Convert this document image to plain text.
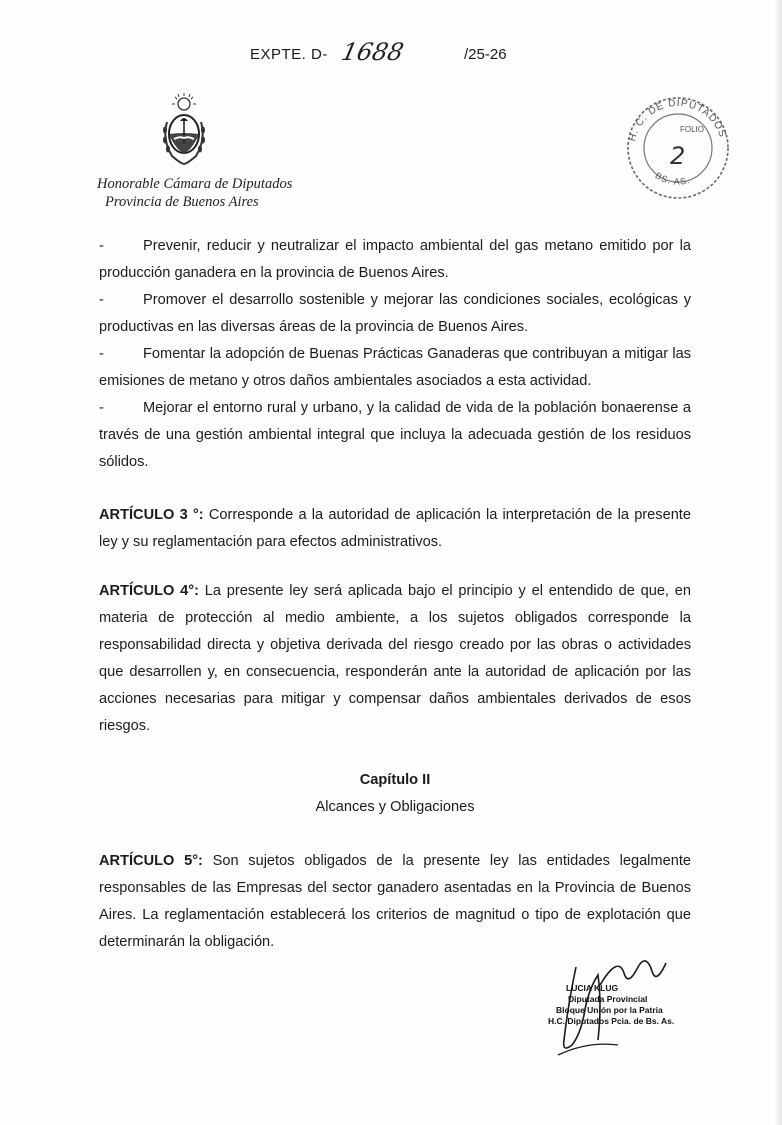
EXPTE. D- 1688	/25-26
Honorable Cámara de Diputados
Provincia de Buenos Aires
H. C. DE DIPUTADOS
BS. AS.
FOLIO
2

-	Prevenir, reducir y neutralizar el impacto ambiental del gas metano emitido por la producción ganadera en la provincia de Buenos Aires.

-	Promover el desarrollo sostenible y mejorar las condiciones sociales, ecológicas y productivas en las diversas áreas de la provincia de Buenos Aires.

-	Fomentar la adopción de Buenas Prácticas Ganaderas que contribuyan a mitigar las emisiones de metano y otros daños ambientales asociados a esta actividad.

-	Mejorar el entorno rural y urbano, y la calidad de vida de la población bonaerense a través de una gestión ambiental integral que incluya la adecuada gestión de los residuos sólidos.

ARTÍCULO 3 °: Corresponde a la autoridad de aplicación la interpretación de la presente ley y su reglamentación para efectos administrativos.

ARTÍCULO 4°: La presente ley será aplicada bajo el principio y el entendido de que, en materia de protección al medio ambiente, a los sujetos obligados corresponde la responsabilidad directa y objetiva derivada del riesgo creado por las obras o actividades que desarrollen y, en consecuencia, responderán ante la autoridad de aplicación por las acciones necesarias para mitigar y compensar daños ambientales derivados de esos riesgos.

Capítulo II
Alcances y Obligaciones

ARTÍCULO 5°: Son sujetos obligados de la presente ley las entidades legalmente responsables de las Empresas del sector ganadero asentadas en la Provincia de Buenos Aires. La reglamentación establecerá los criterios de magnitud o tipo de explotación que determinarán la obligación.

LUCIA KLUG
Diputada Provincial
Bloque Unión por la Patria
H.C. Diputados Pcia. de Bs. As.
